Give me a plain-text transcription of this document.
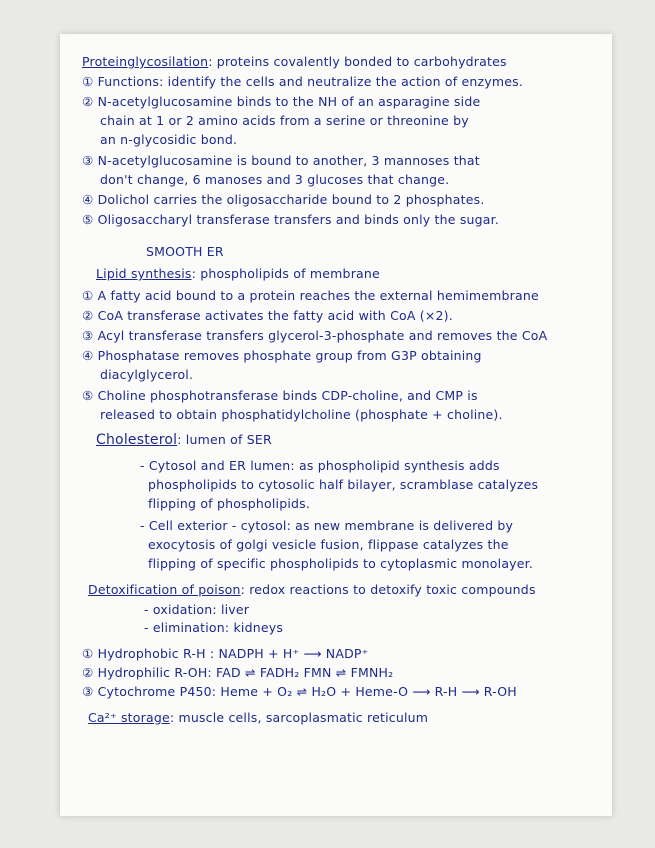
Proteinglycosilation: proteins covalently bonded to carbohydrates
① Functions: identify the cells and neutralize the action of enzymes.
② N-acetylglucosamine binds to the NH of an asparagine side
chain at 1 or 2 amino acids from a serine or threonine by
an n-glycosidic bond.
③ N-acetylglucosamine is bound to another, 3 mannoses that
don't change, 6 manoses and 3 glucoses that change.
④ Dolichol carries the oligosaccharide bound to 2 phosphates.
⑤ Oligosaccharyl transferase transfers and binds only the sugar.
SMOOTH ER
Lipid synthesis: phospholipids of membrane
① A fatty acid bound to a protein reaches the external hemimembrane
② CoA transferase activates the fatty acid with CoA (×2).
③ Acyl transferase transfers glycerol-3-phosphate and removes the CoA
④ Phosphatase removes phosphate group from G3P obtaining
diacylglycerol.
⑤ Choline phosphotransferase binds CDP-choline, and CMP is
released to obtain phosphatidylcholine (phosphate + choline).
Cholesterol: lumen of SER
- Cytosol and ER lumen: as phospholipid synthesis adds
phospholipids to cytosolic half bilayer, scramblase catalyzes
flipping of phospholipids.
- Cell exterior - cytosol: as new membrane is delivered by
exocytosis of golgi vesicle fusion, flippase catalyzes the
flipping of specific phospholipids to cytoplasmic monolayer.
Detoxification of poison: redox reactions to detoxify toxic compounds
- oxidation: liver
- elimination: kidneys
① Hydrophobic R-H : NADPH + H⁺ ⟶ NADP⁺
② Hydrophilic R-OH: FAD ⇌ FADH₂ FMN ⇌ FMNH₂
③ Cytochrome P450: Heme + O₂ ⇌ H₂O + Heme-O ⟶ R-H ⟶ R-OH
Ca²⁺ storage: muscle cells, sarcoplasmatic reticulum
